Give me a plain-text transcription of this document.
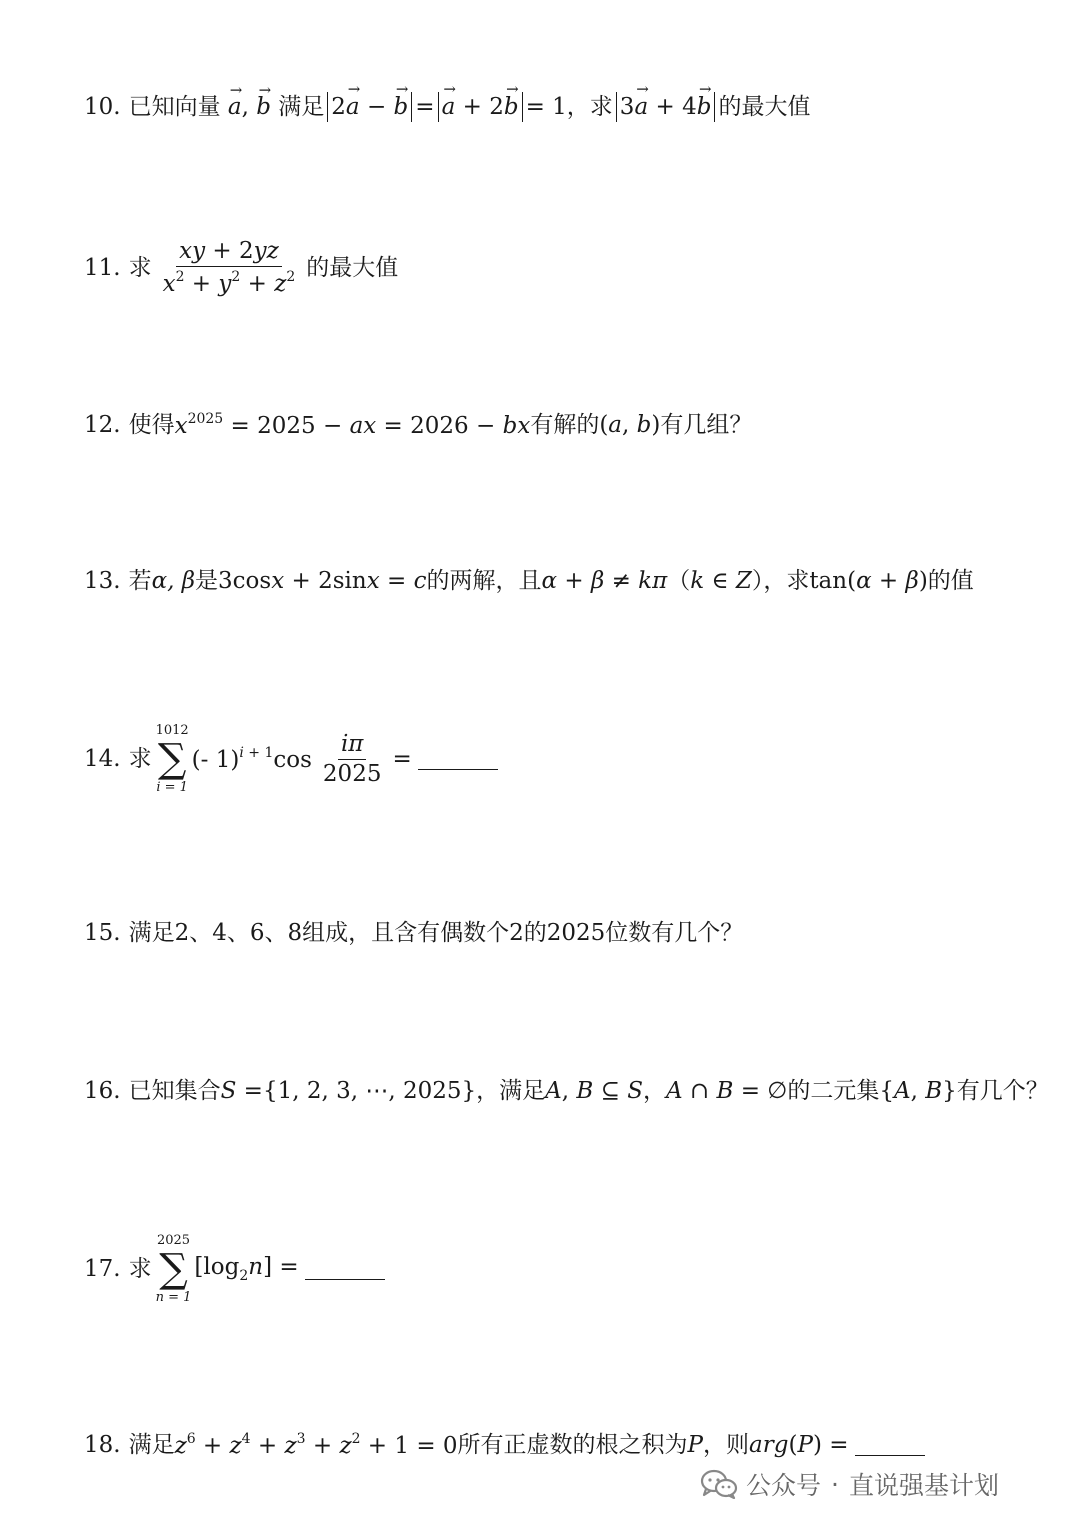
10. 已知向量 → a, → b 满足 2→ a − → b = → a + 2→ b = 1 ，求 3→ a + 4→ b 的最大值
11. 求 $\frac{xy + 2yz}{x^2 + y^2 + z^2}$ 的最大值
12. 使得 $x^{2025} = 2025$ − ax = 2026 − bx 有解的 (a, b) 有几组？
13. 若 α, β 是 3cosx + 2sinx = c 的两解，且 α + β ≠ kπ （ k ∈ Z ），求 tan(α + β) 的值
14. 求
1012
∑
i = 1
(- $1)^{i + 1}\cos \frac{i\pi}{2025}$ =
15. 满足2、4、6、8组成，且含有偶数个2的2025位数有几个？
16. 已知集合 S = {1, 2, 3, ⋯, 2025} ，满足 A, B ⊆ S ， A ∩ B = ∅ 的二元集 {A, B} 有几个？
17. 求
2025
∑
n = 1
$[\log_2n]$ =
18. 满足 $z^6 + z^4 + z^3 + z^2 + 1 = 0$ 所有正虚数的根之积为 P ，则 arg(P) =
公众号 · 直说强基计划
